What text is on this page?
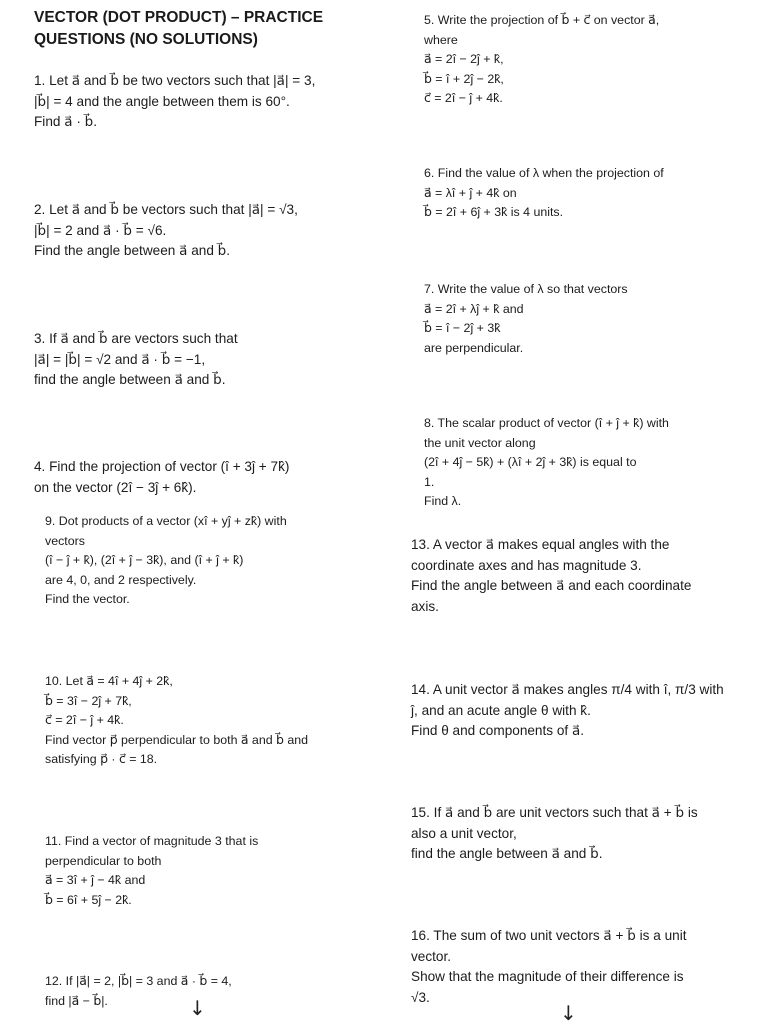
VECTOR (DOT PRODUCT) – PRACTICE
QUESTIONS (NO SOLUTIONS)
1. Let a⃗ and b⃗ be two vectors such that |a⃗| = 3,
|b⃗| = 4 and the angle between them is 60°.
Find a⃗ · b⃗.
2. Let a⃗ and b⃗ be vectors such that |a⃗| = √3,
|b⃗| = 2 and a⃗ · b⃗ = √6.
Find the angle between a⃗ and b⃗.
3. If a⃗ and b⃗ are vectors such that
|a⃗| = |b⃗| = √2 and a⃗ · b⃗ = −1,
find the angle between a⃗ and b⃗.
4. Find the projection of vector (î + 3ĵ + 7k̂)
on the vector (2î − 3ĵ + 6k̂).
9. Dot products of a vector (xî + yĵ + zk̂) with
vectors
(î − ĵ + k̂), (2î + ĵ − 3k̂), and (î + ĵ + k̂)
are 4, 0, and 2 respectively.
Find the vector.
10. Let a⃗ = 4î + 4ĵ + 2k̂,
b⃗ = 3î − 2ĵ + 7k̂,
c⃗ = 2î − ĵ + 4k̂.
Find vector p⃗ perpendicular to both a⃗ and b⃗ and
satisfying p⃗ · c⃗ = 18.
11. Find a vector of magnitude 3 that is
perpendicular to both
a⃗ = 3î + ĵ − 4k̂ and
b⃗ = 6î + 5ĵ − 2k̂.
12. If |a⃗| = 2, |b⃗| = 3 and a⃗ · b⃗ = 4,
find |a⃗ − b⃗|.
5. Write the projection of b⃗ + c⃗ on vector a⃗,
where
a⃗ = 2î − 2ĵ + k̂,
b⃗ = î + 2ĵ − 2k̂,
c⃗ = 2î − ĵ + 4k̂.
6. Find the value of λ when the projection of
a⃗ = λî + ĵ + 4k̂ on
b⃗ = 2î + 6ĵ + 3k̂ is 4 units.
7. Write the value of λ so that vectors
a⃗ = 2î + λĵ + k̂ and
b⃗ = î − 2ĵ + 3k̂
are perpendicular.
8. The scalar product of vector (î + ĵ + k̂) with
the unit vector along
(2î + 4ĵ − 5k̂) + (λî + 2ĵ + 3k̂) is equal to
1.
Find λ.
13. A vector a⃗ makes equal angles with the
coordinate axes and has magnitude 3.
Find the angle between a⃗ and each coordinate
axis.
14. A unit vector a⃗ makes angles π/4 with î, π/3 with
ĵ, and an acute angle θ with k̂.
Find θ and components of a⃗.
15. If a⃗ and b⃗ are unit vectors such that a⃗ + b⃗ is
also a unit vector,
find the angle between a⃗ and b⃗.
16. The sum of two unit vectors a⃗ + b⃗ is a unit
vector.
Show that the magnitude of their difference is
√3.
↓	↓
